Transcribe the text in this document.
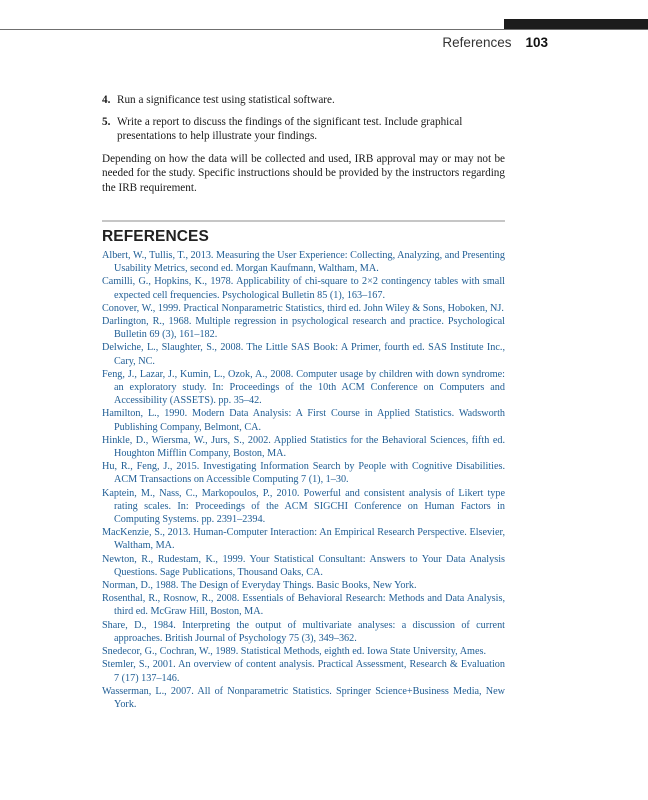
References 103
4. Run a significance test using statistical software.
5. Write a report to discuss the findings of the significant test. Include graphical presentations to help illustrate your findings.

Depending on how the data will be collected and used, IRB approval may or may not be needed for the study. Specific instructions should be provided by the instructors regarding the IRB requirement.

REFERENCES
Albert, W., Tullis, T., 2013. Measuring the User Experience: Collecting, Analyzing, and Presenting Usability Metrics, second ed. Morgan Kaufmann, Waltham, MA.
Camilli, G., Hopkins, K., 1978. Applicability of chi-square to 2×2 contingency tables with small expected cell frequencies. Psychological Bulletin 85 (1), 163–167.
Conover, W., 1999. Practical Nonparametric Statistics, third ed. John Wiley & Sons, Hoboken, NJ.
Darlington, R., 1968. Multiple regression in psychological research and practice. Psychological Bulletin 69 (3), 161–182.
Delwiche, L., Slaughter, S., 2008. The Little SAS Book: A Primer, fourth ed. SAS Institute Inc., Cary, NC.
Feng, J., Lazar, J., Kumin, L., Ozok, A., 2008. Computer usage by children with down syndrome: an exploratory study. In: Proceedings of the 10th ACM Conference on Computers and Accessibility (ASSETS). pp. 35–42.
Hamilton, L., 1990. Modern Data Analysis: A First Course in Applied Statistics. Wadsworth Publishing Company, Belmont, CA.
Hinkle, D., Wiersma, W., Jurs, S., 2002. Applied Statistics for the Behavioral Sciences, fifth ed. Houghton Mifflin Company, Boston, MA.
Hu, R., Feng, J., 2015. Investigating Information Search by People with Cognitive Disabilities. ACM Transactions on Accessible Computing 7 (1), 1–30.
Kaptein, M., Nass, C., Markopoulos, P., 2010. Powerful and consistent analysis of Likert type rating scales. In: Proceedings of the ACM SIGCHI Conference on Human Factors in Computing Systems. pp. 2391–2394.
MacKenzie, S., 2013. Human-Computer Interaction: An Empirical Research Perspective. Elsevier, Waltham, MA.
Newton, R., Rudestam, K., 1999. Your Statistical Consultant: Answers to Your Data Analysis Questions. Sage Publications, Thousand Oaks, CA.
Norman, D., 1988. The Design of Everyday Things. Basic Books, New York.
Rosenthal, R., Rosnow, R., 2008. Essentials of Behavioral Research: Methods and Data Analysis, third ed. McGraw Hill, Boston, MA.
Share, D., 1984. Interpreting the output of multivariate analyses: a discussion of current approaches. British Journal of Psychology 75 (3), 349–362.
Snedecor, G., Cochran, W., 1989. Statistical Methods, eighth ed. Iowa State University, Ames.
Stemler, S., 2001. An overview of content analysis. Practical Assessment, Research & Evaluation 7 (17) 137–146.
Wasserman, L., 2007. All of Nonparametric Statistics. Springer Science+Business Media, New York.
